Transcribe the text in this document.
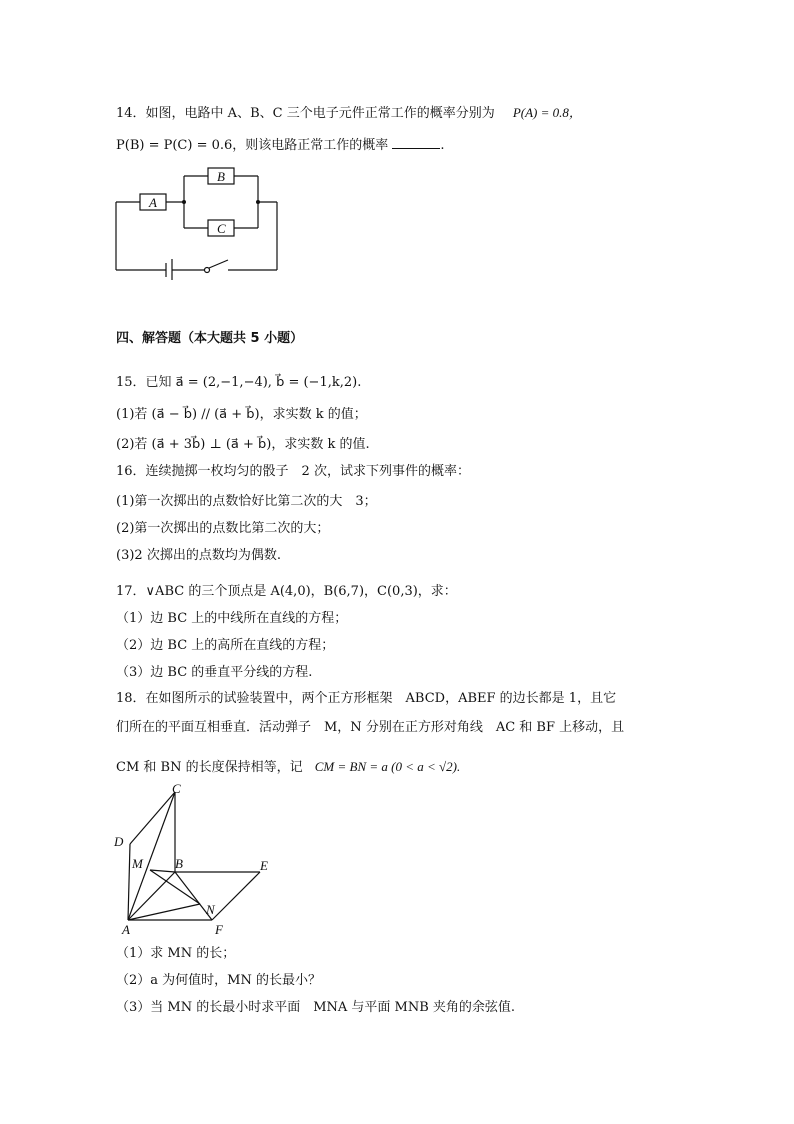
14．如图，电路中 A、B、C 三个电子元件正常工作的概率分别为 P(A) = 0.8，
P(B) = P(C) = 0.6，则该电路正常工作的概率	.
A
B
C
四、解答题（本大题共 5 小题）
15．已知 a⃗ = (2,−1,−4), b⃗ = (−1,k,2).
(1)若 (a⃗ − b⃗) // (a⃗ + b⃗)，求实数 k 的值；
(2)若 (a⃗ + 3b⃗) ⊥ (a⃗ + b⃗)，求实数 k 的值.
16．连续抛掷一枚均匀的骰子　2 次，试求下列事件的概率：
(1)第一次掷出的点数恰好比第二次的大　3；
(2)第一次掷出的点数比第二次的大；
(3)2 次掷出的点数均为偶数.
17．∨ABC 的三个顶点是 A(4,0)，B(6,7)，C(0,3)，求：
（1）边 BC 上的中线所在直线的方程；
（2）边 BC 上的高所在直线的方程；
（3）边 BC 的垂直平分线的方程.
18．在如图所示的试验装置中，两个正方形框架　ABCD，ABEF 的边长都是 1，且它
们所在的平面互相垂直．活动弹子　M，N 分别在正方形对角线　AC 和 BF 上移动，且
CM 和 BN 的长度保持相等，记 CM = BN = a (0 < a < √2).
C
D
M B	E
N
A	F
（1）求 MN 的长；
（2）a 为何值时，MN 的长最小？
（3）当 MN 的长最小时求平面　MNA 与平面 MNB 夹角的余弦值.
